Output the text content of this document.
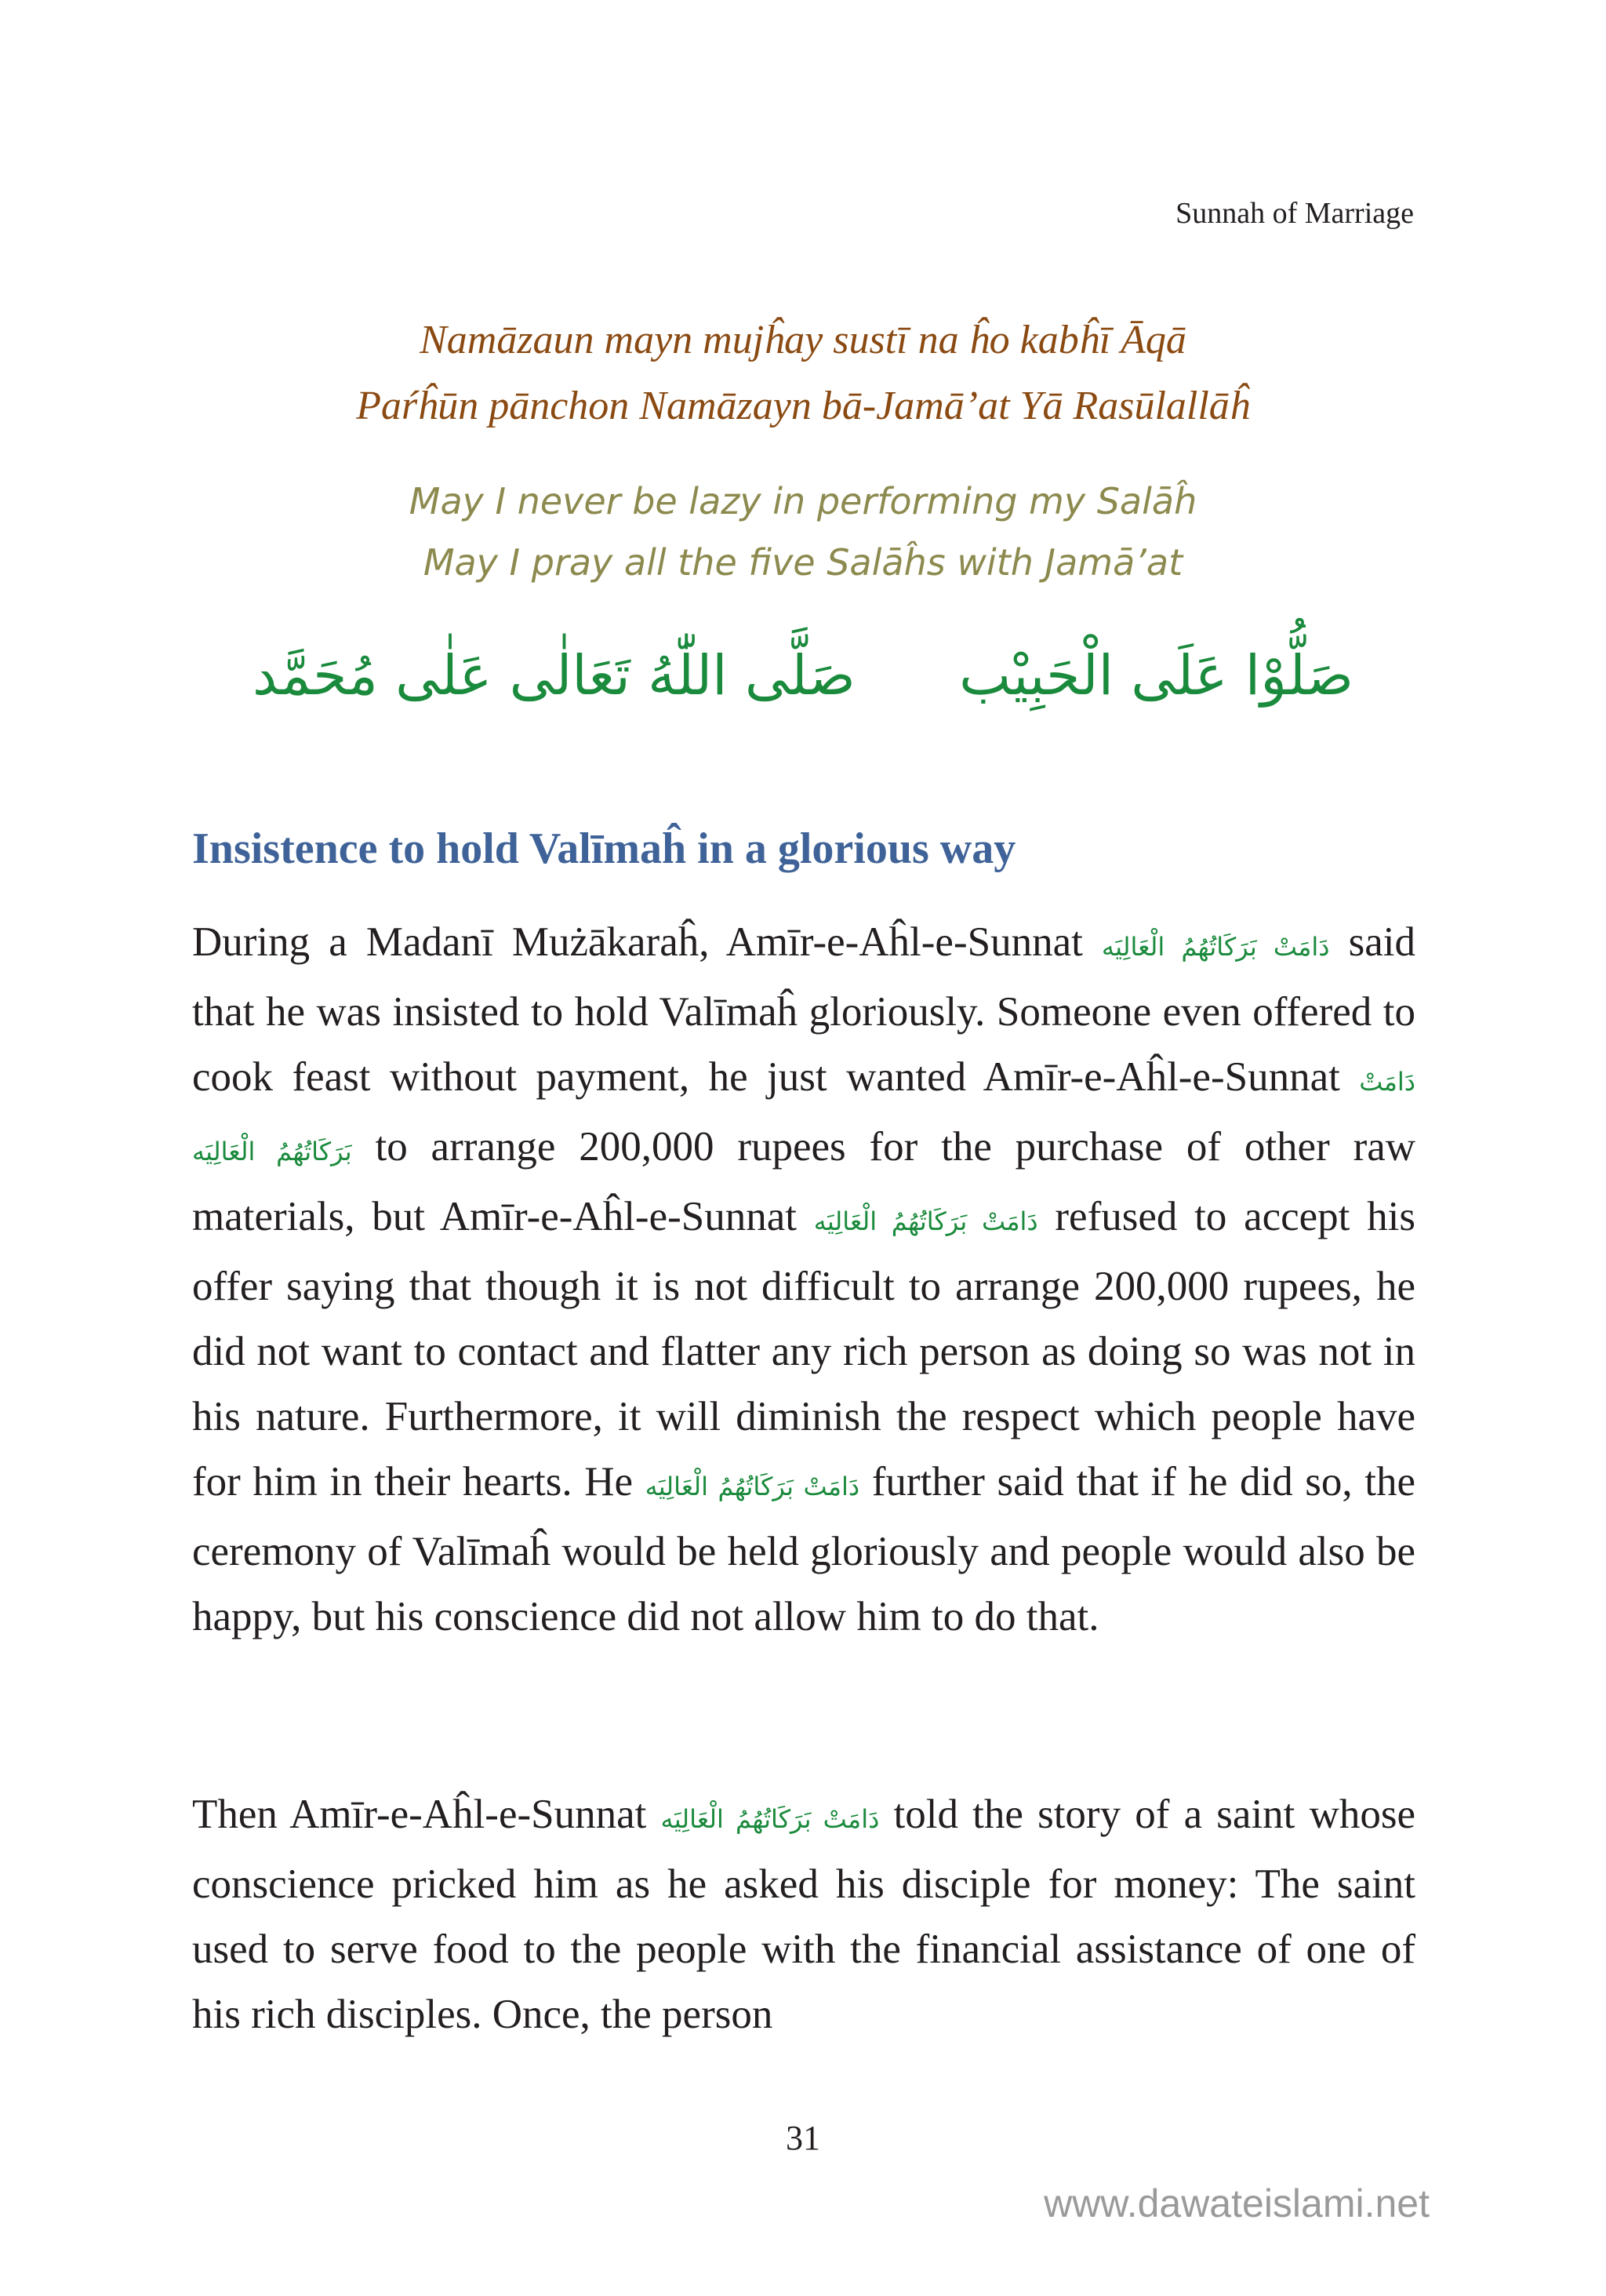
Sunnah of Marriage
Namāzaun mayn mujĥay sustī na ĥo kabĥī Āqā
Paŕĥūn pānchon Namāzayn bā-Jamā’at Yā Rasūlallāĥ
May I never be lazy in performing my Salāĥ
May I pray all the five Salāĥs with Jamā’at
صَلُّوْا عَلَى الْحَبِیْب صَلَّى اللّٰهُ تَعَالٰى عَلٰى مُحَمَّد
Insistence to hold Valīmaĥ in a glorious way
During a Madanī Mużākaraĥ, Amīr-e-Aĥl-e-Sunnat دَامَتْ بَرَكَاتُهُمُ الْعَالِيَه said that he was insisted to hold Valīmaĥ gloriously. Someone even offered to cook feast without payment, he just wanted Amīr-e-Aĥl-e-Sunnat دَامَتْ بَرَكَاتُهُمُ الْعَالِيَه to arrange 200,000 rupees for the purchase of other raw materials, but Amīr-e-Aĥl-e-Sunnat دَامَتْ بَرَكَاتُهُمُ الْعَالِيَه refused to accept his offer saying that though it is not difficult to arrange 200,000 rupees, he did not want to contact and flatter any rich person as doing so was not in his nature. Furthermore, it will diminish the respect which people have for him in their hearts. He دَامَتْ بَرَكَاتُهُمُ الْعَالِيَه further said that if he did so, the ceremony of Valīmaĥ would be held gloriously and people would also be happy, but his conscience did not allow him to do that.
Then Amīr-e-Aĥl-e-Sunnat دَامَتْ بَرَكَاتُهُمُ الْعَالِيَه told the story of a saint whose conscience pricked him as he asked his disciple for money: The saint used to serve food to the people with the financial assistance of one of his rich disciples. Once, the person
31
www.dawateislami.net
